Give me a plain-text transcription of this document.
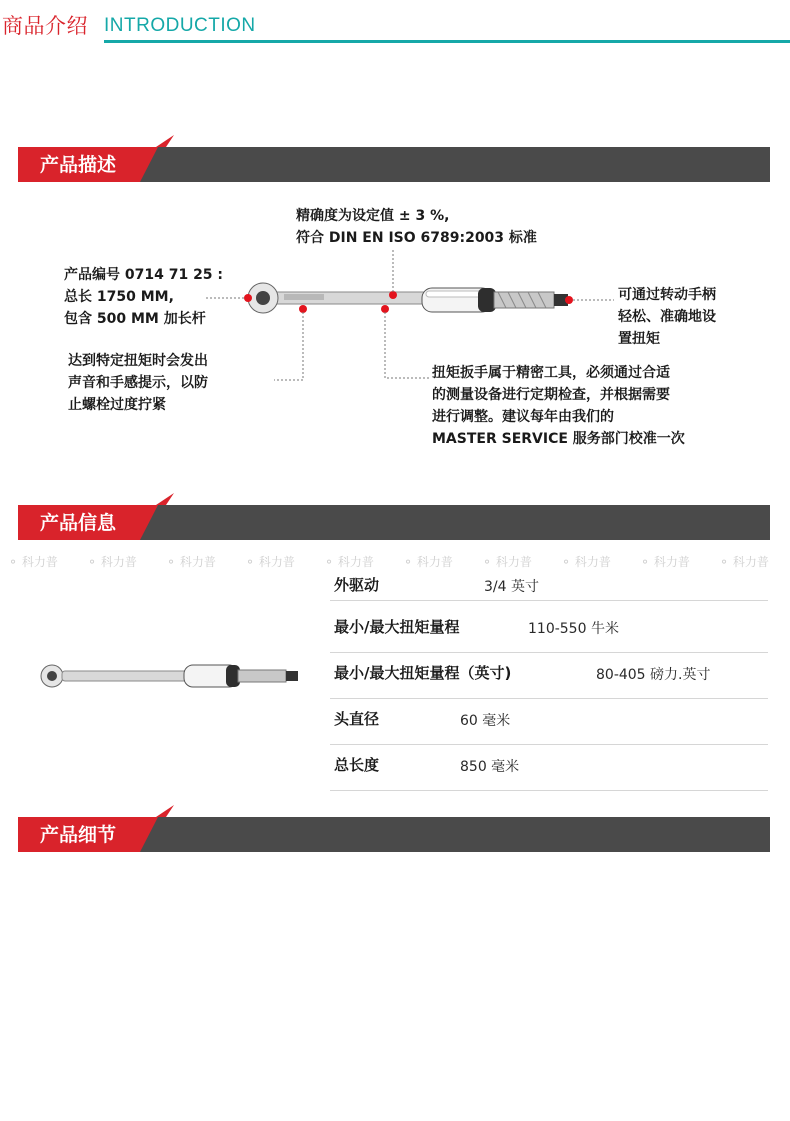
商品介绍 INTRODUCTION
产品描述
精确度为设定值 ± 3 %,
符合 DIN EN ISO 6789:2003 标准
产品编号 0714 71 25 :
总长 1750 MM,
包含 500 MM 加长杆
可通过转动手柄
轻松、准确地设
置扭矩
达到特定扭矩时会发出
声音和手感提示，以防
止螺栓过度拧紧
扭矩扳手属于精密工具，必须通过合适
的测量设备进行定期检查，并根据需要
进行调整。建议每年由我们的
MASTER SERVICE 服务部门校准一次
产品信息
⚬ 科力普 ⚬ 科力普 ⚬ 科力普 ⚬ 科力普 ⚬ 科力普 ⚬ 科力普 ⚬ 科力普 ⚬ 科力普 ⚬ 科力普 ⚬ 科力普
外驱动	3/4 英寸
最小/最大扭矩量程	110-550 牛米
最小/最大扭矩量程（英寸)	80-405 磅力.英寸
头直径	60 毫米
总长度	850 毫米
产品细节
